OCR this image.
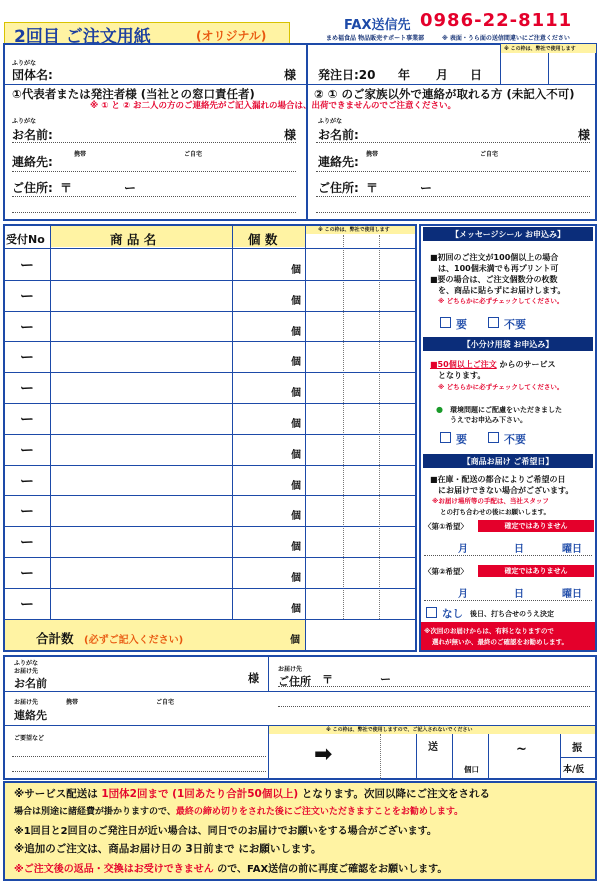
2回目 ご注文用紙	(オリジナル)
FAX送信先 0986-22-8111
まめ福食品 物品販売サポート事業部	※ 表面・うら面の送信間違いにご注意ください
※ この枠は、弊社で使用します
ふりがな
団体名:	様 発注日:20 年 月 日
①代表者または発注者様 (当社との窓口責任者)	② ① のご家族以外で連絡が取れる方 (未記入不可)
※ ① と ② お二人の方のご連絡先がご記入漏れの場合は、出荷できませんのでご注意ください。
ふりがな
お名前:	様
連絡先:
携帯	ご自宅
ご住所: 〒	ー
ふりがな
お名前:	様
連絡先:
携帯	ご自宅
ご住所: 〒	ー
受付No	商 品 名	個 数
※ この枠は、弊社で使用します
ー	個
ー	個
ー	個
ー	個
ー	個
ー	個
ー	個
ー	個
ー	個
ー	個
ー	個
ー	個
合計数 (必ずご記入ください)	個
【メッセージシール お申込み】
■初回のご注文が100個以上の場合
は、100個未満でも再プリント可
■要の場合は、ご注文個数分の枚数
を、商品に貼らずにお届けします。
※ どちらかに必ずチェックしてください。
要	不要
【小分け用袋 お申込み】
■50個以上ご注文 からのサービス
となります。
※ どちらかに必ずチェックしてください。
● 環境問題にご配慮をいただきました
うえでお申込み下さい。
要	不要
【商品お届け ご希望日】
■在庫・配送の都合によりご希望の日
にお届けできない場合がございます。
※お届け場所等の手配は、当社スタッフ
との打ち合わせの後にお願いします。
〈第①希望〉	確定ではありません
月	日	曜日
〈第②希望〉	確定ではありません
月	日	曜日
なし 後日、打ち合せのうえ決定
※次回のお届けからは、有料となりますので
選れが無いか、最終のご確認をお勧めします。
ふりがな
お届け先
お名前	様
お届け先
ご住所 〒	ー
お届け先	携帯	ご自宅
連絡先
ご要望など
※ この枠は、弊社で使用しますので、ご記入されないでください
➡	送
個口
~	振
本/仮
※サービス配送は 1団体2回まで (1回あたり合計50個以上) となります。次回以降にご注文をされる
場合は別途に諸経費が掛かりますので、最終の締め切りをされた後にご注文いただきますことをお勧めします。
※1回目と2回目のご発注日が近い場合は、同日でのお届けでお願いをする場合がございます。
※追加のご注文は、商品お届け日の 3日前まで にお願いします。
※ご注文後の返品・交換はお受けできません ので、FAX送信の前に再度ご確認をお願いします。
